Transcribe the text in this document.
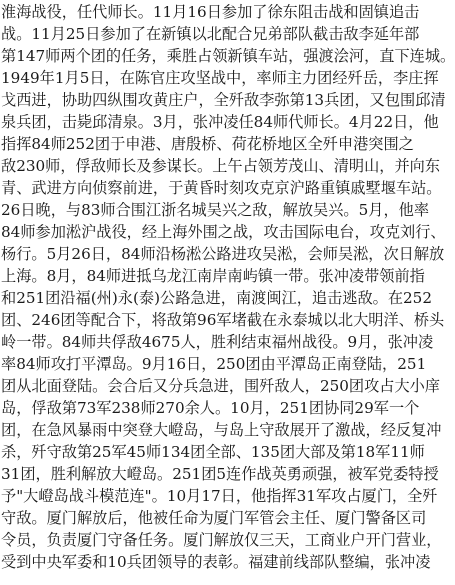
淮海战役，任代师长。11月16日参加了徐东阻击战和固镇追击

战。11月25日参加了在新镇以北配合兄弟部队截击敌李延年部

第147师两个团的任务，乘胜占领新镇车站，强渡浍河，直下连城。

1949年1月5日，在陈官庄攻坚战中，率师主力团经歼岳，李庄挥

戈西进，协助四纵围攻黄庄户，全歼敌李弥第13兵团，又包围邱清

泉兵团，击毙邱清泉。3月，张冲凌任84师代师长。4月22日，他

指挥84师252团于申港、唐殷桥、荷花桥地区全歼申港突围之

敌230师，俘敌师长及参谋长。上午占领芳茂山、清明山，并向东

青、武进方向侦察前进，于黄昏时刻攻克京沪路重镇戚墅堰车站。

26日晚，与83师合围江浙名城吴兴之敌，解放吴兴。5月，他率

84师参加淞沪战役，经上海外围之战，攻击国际电台，攻克刘行、

杨行。5月26日，84师沿杨淞公路进攻吴淞，会师吴淞，次日解放

上海。8月，84师进抵乌龙江南岸南屿镇一带。张冲凌带领前指

和251团沿福(州)永(泰)公路急进，南渡闽江，追击逃敌。在252

团、246团等配合下，将敌第96军堵截在永泰城以北大明洋、桥头

岭一带。84师共俘敌4675人，胜利结束福州战役。9月，张冲凌

率84师攻打平潭岛。9月16日，250团由平潭岛正南登陆，251

团从北面登陆。会合后又分兵急进，围歼敌人，250团攻占大小庠

岛，俘敌第73军238师270余人。10月，251团协同29军一个

团，在急风暴雨中突登大嶝岛，与岛上守敌展开了激战，经反复冲

杀，歼守敌第25军45师134团全部、135团大部及第18军11师

31团，胜利解放大嶝岛。251团5连作战英勇顽强，被军党委特授

予"大嶝岛战斗模范连"。10月17日，他指挥31军攻占厦门，全歼

守敌。厦门解放后，他被任命为厦门军管会主任、厦门警备区司

令员，负责厦门守备任务。厦门解放仅三天，工商业户开门营业，

受到中央军委和10兵团领导的表彰。福建前线部队整编，张冲凌
